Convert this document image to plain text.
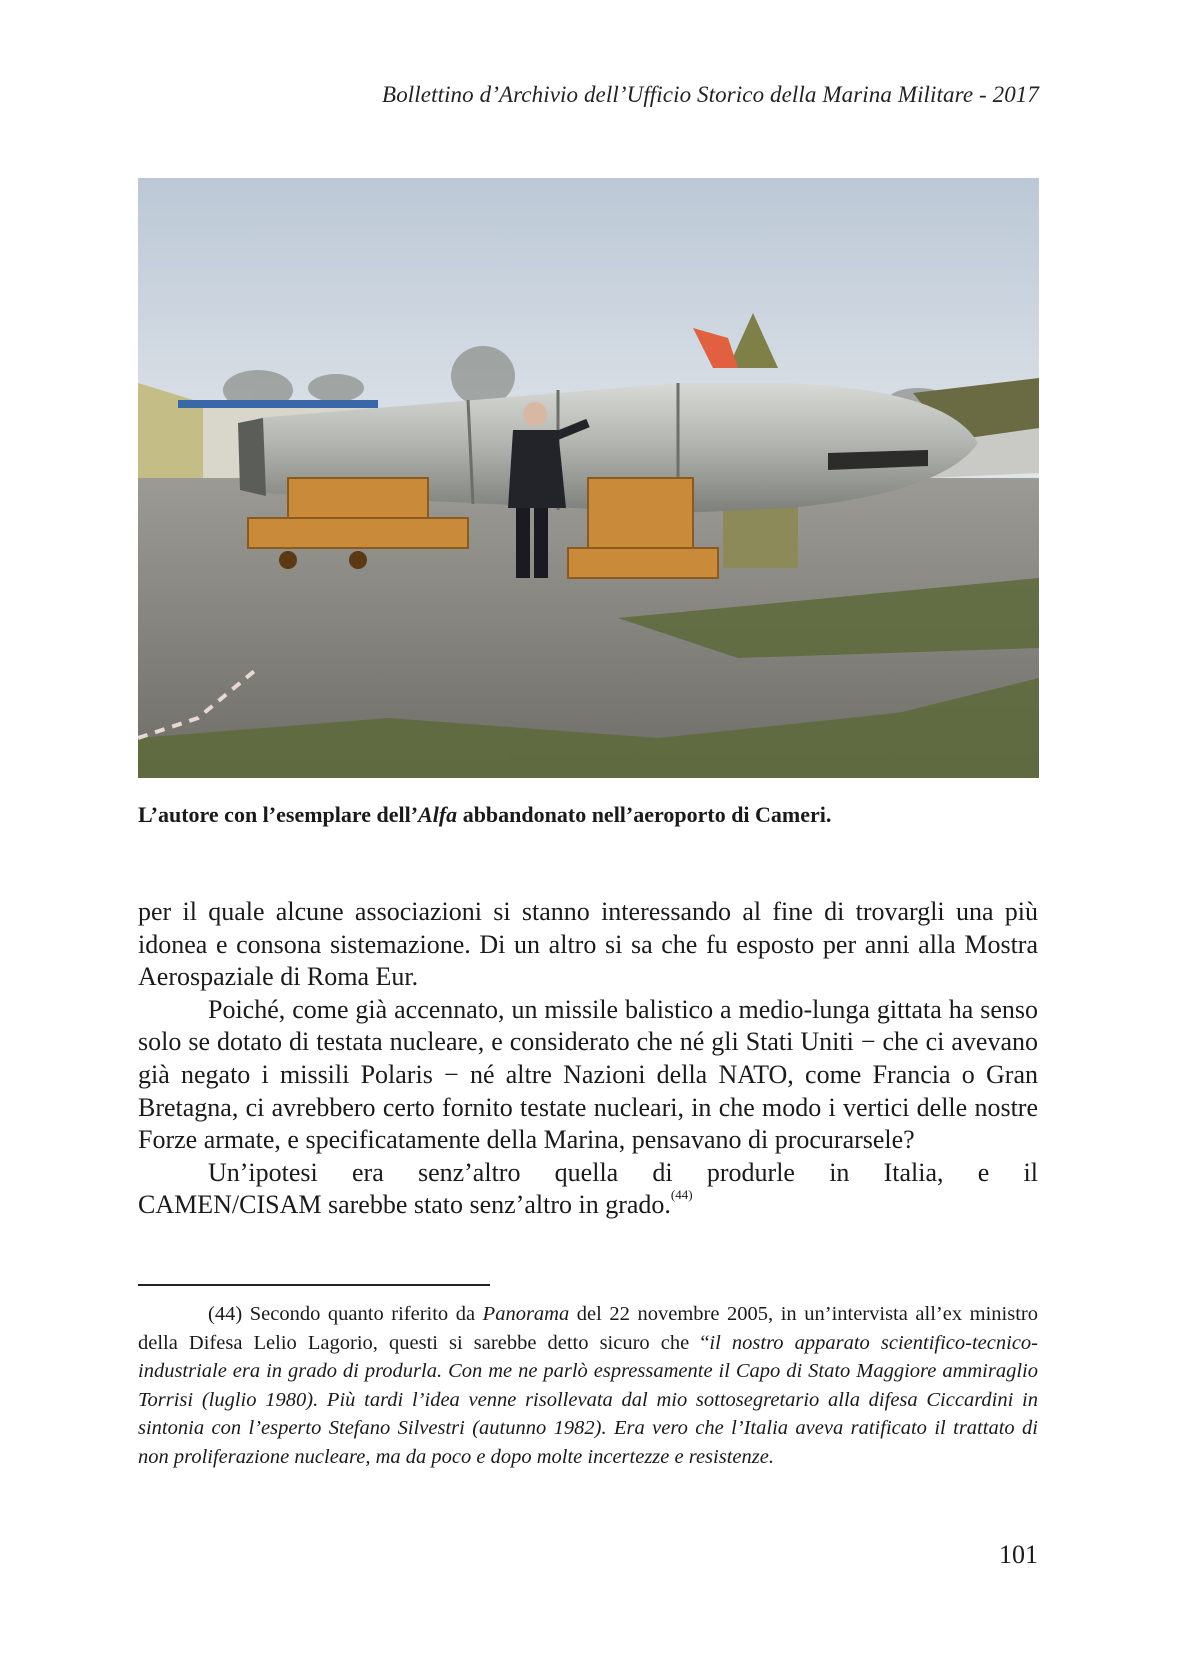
Bollettino d’Archivio dell’Ufficio Storico della Marina Militare - 2017
L’autore con l’esemplare dell’Alfa abbandonato nell’aeroporto di Cameri.

per il quale alcune associazioni si stanno interessando al fine di trovargli una più idonea e consona sistemazione. Di un altro si sa che fu esposto per anni alla Mostra Aerospaziale di Roma Eur.

Poiché, come già accennato, un missile balistico a medio-lunga gittata ha senso solo se dotato di testata nucleare, e considerato che né gli Stati Uniti − che ci avevano già negato i missili Polaris − né altre Nazioni della NATO, come Francia o Gran Bretagna, ci avrebbero certo fornito testate nucleari, in che modo i vertici delle nostre Forze armate, e specificatamente della Marina, pensavano di procurarsele?

Un’ipotesi era senz’altro quella di produrle in Italia, e il

CAMEN/CISAM sarebbe stato senz’altro in grado.$^{(44)}$

(44) Secondo quanto riferito da Panorama del 22 novembre 2005, in un’intervista all’ex ministro della Difesa Lelio Lagorio, questi si sarebbe detto sicuro che “il nostro apparato scientifico-tecnico-industriale era in grado di produrla. Con me ne parlò espressamente il Capo di Stato Maggiore ammiraglio Torrisi (luglio 1980). Più tardi l’idea venne risollevata dal mio sottosegretario alla difesa Ciccardini in sintonia con l’esperto Stefano Silvestri (autunno 1982). Era vero che l’Italia aveva ratificato il trattato di non proliferazione nucleare, ma da poco e dopo molte incertezze e resistenze.

101
